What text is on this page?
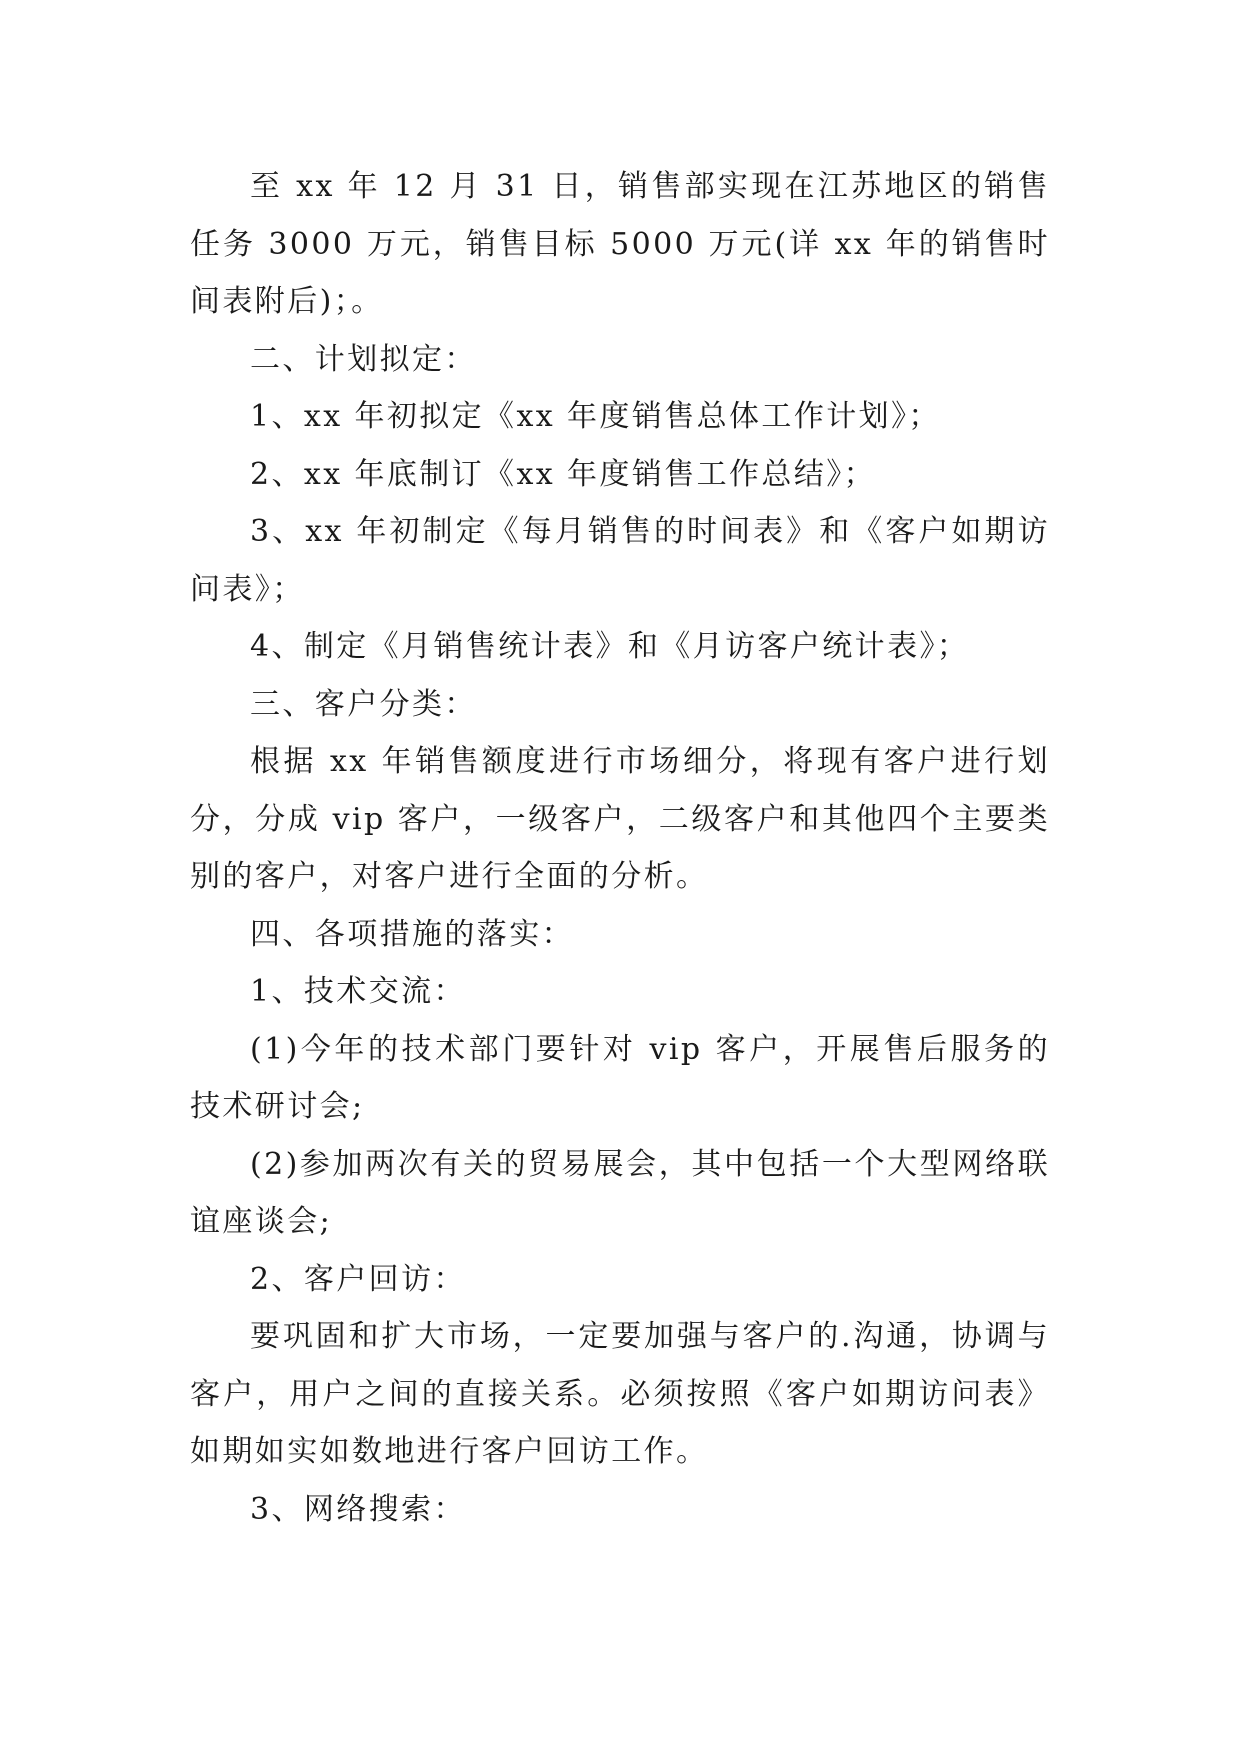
至 xx 年 12 月 31 日，销售部实现在江苏地区的销售任务 3000 万元，销售目标 5000 万元(详 xx 年的销售时间表附后)；。

二、计划拟定：

1、xx 年初拟定《xx 年度销售总体工作计划》；

2、xx 年底制订《xx 年度销售工作总结》；

3、xx 年初制定《每月销售的时间表》和《客户如期访问表》；

4、制定《月销售统计表》和《月访客户统计表》；

三、客户分类：

根据 xx 年销售额度进行市场细分，将现有客户进行划分，分成 vip 客户，一级客户，二级客户和其他四个主要类别的客户，对客户进行全面的分析。

四、各项措施的落实：

1、技术交流：

(1)今年的技术部门要针对 vip 客户，开展售后服务的技术研讨会;

(2)参加两次有关的贸易展会，其中包括一个大型网络联谊座谈会;

2、客户回访：

要巩固和扩大市场，一定要加强与客户的.沟通，协调与客户，用户之间的直接关系。必须按照《客户如期访问表》如期如实如数地进行客户回访工作。

3、网络搜索：
